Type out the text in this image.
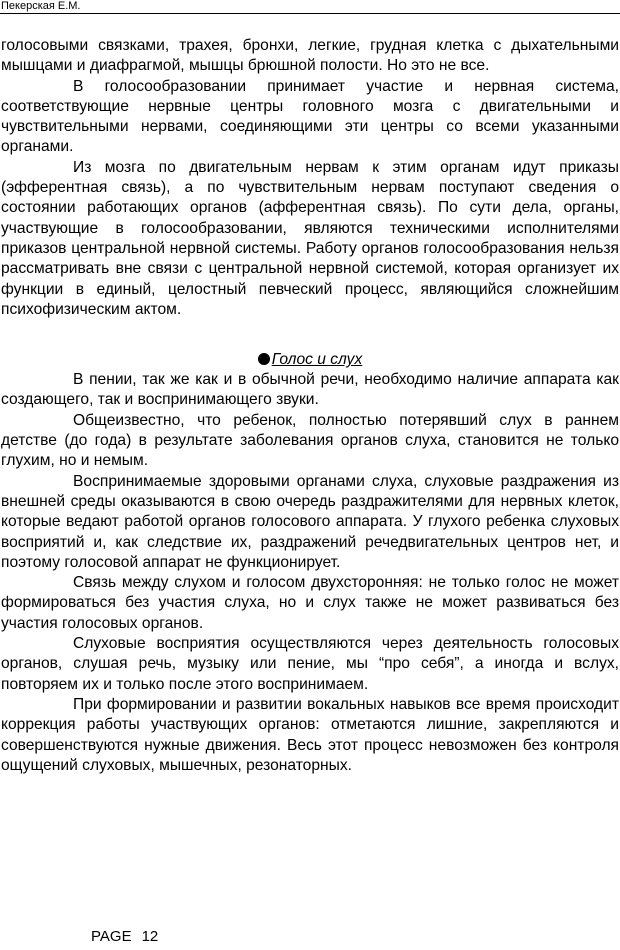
Пекерская Е.М.

голосовыми связками, трахея, бронхи, легкие, грудная клетка с дыхательными мышцами и диафрагмой, мышцы брюшной полости. Но это не все.

В голосообразовании принимает участие и нервная система, соответствующие нервные центры головного мозга с двигательными и чувствительными нервами, соединяющими эти центры со всеми указанными органами.

Из мозга по двигательным нервам к этим органам идут приказы (эфферентная связь), а по чувствительным нервам поступают сведения о состоянии работающих органов (афферентная связь). По сути дела, органы, участвующие в голосообразовании, являются техническими исполнителями приказов центральной нервной системы. Работу органов голосообразования нельзя рассматривать вне связи с центральной нервной системой, которая организует их функции в единый, целостный певческий процесс, являющийся сложнейшим психофизическим актом.

Голос и слух

В пении, так же как и в обычной речи, необходимо наличие аппарата как создающего, так и воспринимающего звуки.

Общеизвестно, что ребенок, полностью потерявший слух в раннем детстве (до года) в результате заболевания органов слуха, становится не только глухим, но и немым.

Воспринимаемые здоровыми органами слуха, слуховые раздражения из внешней среды оказываются в свою очередь раздражителями для нервных клеток, которые ведают работой органов голосового аппарата. У глухого ребенка слуховых восприятий и, как следствие их, раздражений речедвигательных центров нет, и поэтому голосовой аппарат не функционирует.

Связь между слухом и голосом двухсторонняя: не только голос не может формироваться без участия слуха, но и слух также не может развиваться без участия голосовых органов.

Слуховые восприятия осуществляются через деятельность голосовых органов, слушая речь, музыку или пение, мы “про себя”, а иногда и вслух, повторяем их и только после этого воспринимаем.

При формировании и развитии вокальных навыков все время происходит коррекция работы участвующих органов: отметаются лишние, закрепляются и совершенствуются нужные движения. Весь этот процесс невозможен без контроля ощущений слуховых, мышечных, резонаторных.

PAGE 12
